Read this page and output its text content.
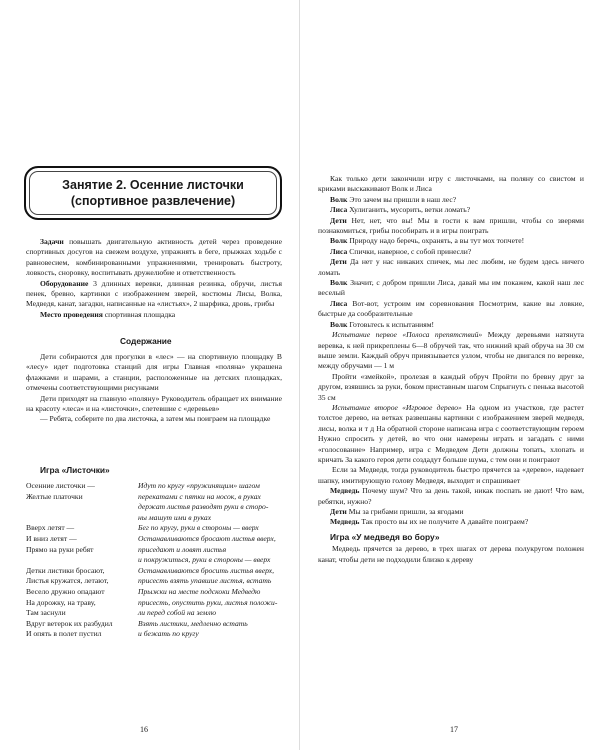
Занятие 2. Осенние листочки
(спортивное развлечение)

Задачи повышать двигательную активность детей через проведение спортивных досугов на свежем воздухе, упражнять в беге, прыжках ходьбе с равновесием, комбинированными упражнениями, тренировать быстроту, ловкость, сноровку, воспитывать дружелюбие и ответственность

Оборудование 3 длинных веревки, длинная резинка, обручи, листья пенек, бревно, картинки с изображением зверей, костюмы Лисы, Волка, Медведя, канат, загадки, написанные на «листьях», 2 шарфика, дровь, грибы

Место проведения спортивная площадка

Содержание

Дети собираются для прогулки в «лес» — на спортивную площадку В «лесу» идет подготовка станций для игры Главная «поляна» украшена флажками и шарами, а станции, расположенные на детских площадках, отмечены соответствующими рисунками

Дети приходят на главную «поляну» Руководитель обращает их внимание на красоту «леса» и на «листочки», слетевшие с «деревьев»

— Ребята, соберите по два листочка, а затем мы поиграем на площадке

Игра «Листочки»
Осенние листочки —	Идут по кругу «пружинящим» шагом
Желтые платочки	перекатами с пятки на носок, в руках
держат листья разводят руки в сторо-
ны машут ими в руках
Вверх летят —	Бег по кругу, руки в стороны — вверх
И вниз летят —	Останавливаются бросают листья вверх,
Прямо на руки ребят	приседают и ловят листья
и покружиться, руки в стороны — вверх
Детки листики бросают,	Останавливаются бросить листья вверх,
Листья кружатся, летают,	присесть взять упавшие листья, встать
Весело дружно опадают	Прыжки на месте подскоки Медведю
На дорожку, на траву,	присесть, опустить руки, листья положи-
Там заснули	ли перед собой на землю
Вдруг ветерок их разбудил	Взять листики, медленно встать
И опять в полет пустил	и бежать по кругу
16

Как только дети закончили игру с листочками, на поляну со свистом и криками выскакивают Волк и Лиса

Волк Это зачем вы пришли в наш лес?

Лиса Хулиганить, мусорить, ветки ломать?

Дети Нет, нет, что вы! Мы в гости к вам пришли, чтобы со зверями познакомиться, грибы пособирать и в игры поиграть

Волк Природу надо беречь, охранять, а вы тут мох топчете!

Лиса Спички, наверное, с собой принесли?

Дети Да нет у нас никаких спичек, мы лес любим, не будем здесь ничего ломать

Волк Значит, с добром пришли Лиса, давай мы им покажем, какой наш лес веселый

Лиса Вот-вот, устроим им соревнования Посмотрим, какие вы ловкие, быстрые да сообразительные

Волк Готовьтесь к испытаниям!

Испытание первое «Полоса препятствий» Между деревьями натянута веревка, к ней прикреплены 6—8 обручей так, что нижний край обруча на 30 см выше земли. Каждый обруч привязывается узлом, чтобы не двигался по веревке, между обручами — 1 м

Пройти «змейкой», пролезая в каждый обруч Пройти по бревну друг за другом, взявшись за руки, боком приставным шагом Спрыгнуть с пенька высотой 35 см

Испытание второе «Игровое дерево» На одном из участков, где растет толстое дерево, на ветках развешаны картинки с изображением зверей медведя, лисы, волка и т д На обратной стороне написана игра с соответствующим героем Нужно спросить у детей, во что они намерены играть и загадать с ними «голосование» Например, игра с Медведем Дети должны топать, хлопать и кричать За какого героя дети создадут больше шума, с тем они и поиграют

Если за Медведя, тогда руководитель быстро прячется за «дерево», надевает шапку, имитирующую голову Медведя, выходит и спрашивает

Медведь Почему шум? Что за день такой, никак поспать не дают! Что вам, ребятки, нужно?

Дети Мы за грибами пришли, за ягодами

Медведь Так просто вы их не получите А давайте поиграем?

Игра «У медведя во бору»

Медведь прячется за дерево, в трех шагах от дерева полукругом положен канат, чтобы дети не подходили близко к дереву

17
